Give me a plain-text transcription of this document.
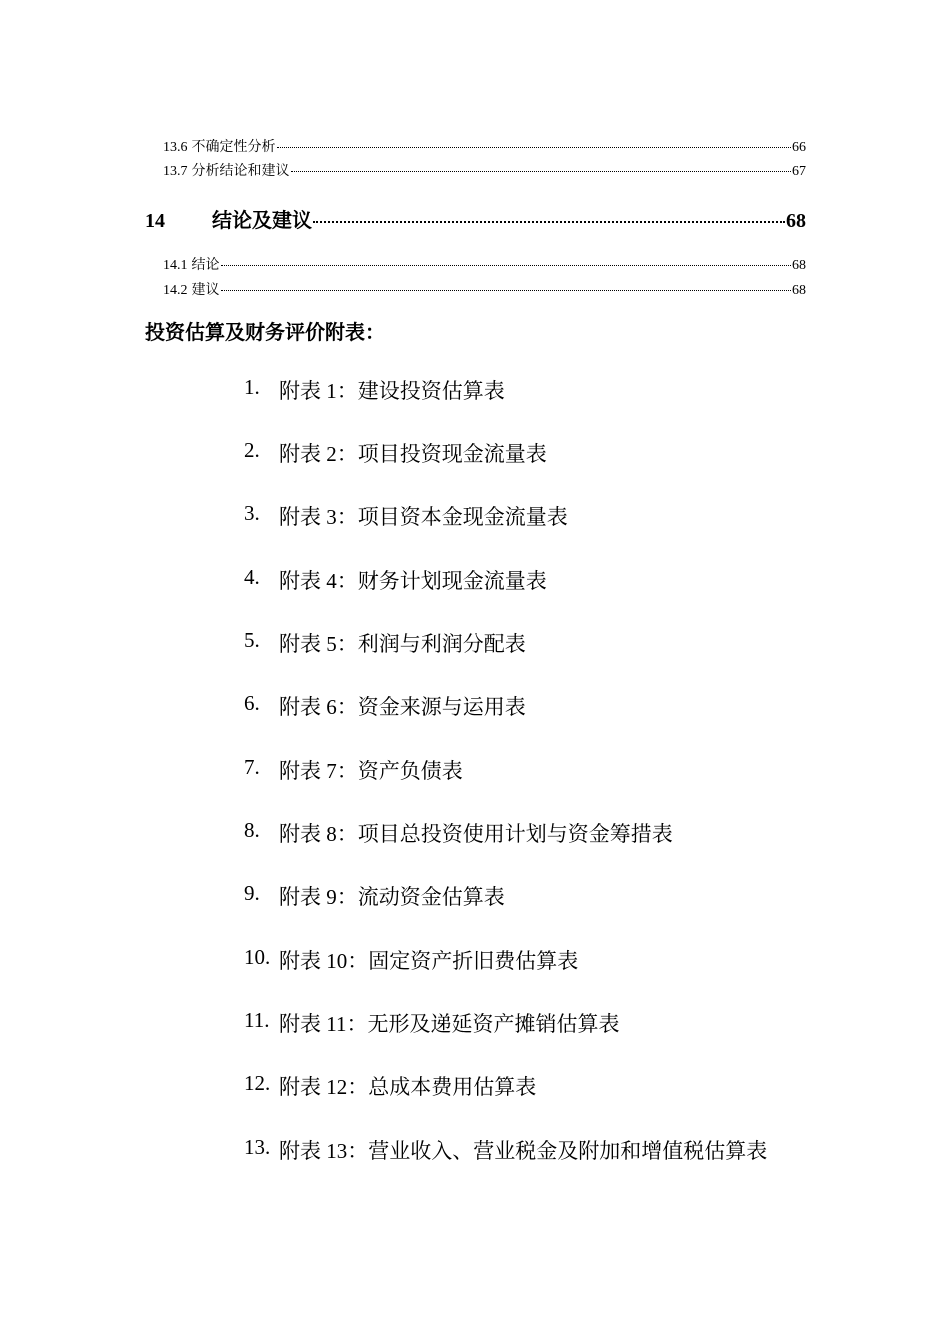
13.6 不确定性分析	66
13.7 分析结论和建议	67
14	结论及建议	68
14.1 结论	68
14.2 建议	68
投资估算及财务评价附表：
1. 附表 1：建设投资估算表
2. 附表 2：项目投资现金流量表
3. 附表 3：项目资本金现金流量表
4. 附表 4：财务计划现金流量表
5. 附表 5：利润与利润分配表
6. 附表 6：资金来源与运用表
7. 附表 7：资产负债表
8. 附表 8：项目总投资使用计划与资金筹措表
9. 附表 9：流动资金估算表
10. 附表 10：固定资产折旧费估算表
11. 附表 11：无形及递延资产摊销估算表
12. 附表 12：总成本费用估算表
13. 附表 13：营业收入、营业税金及附加和增值税估算表
